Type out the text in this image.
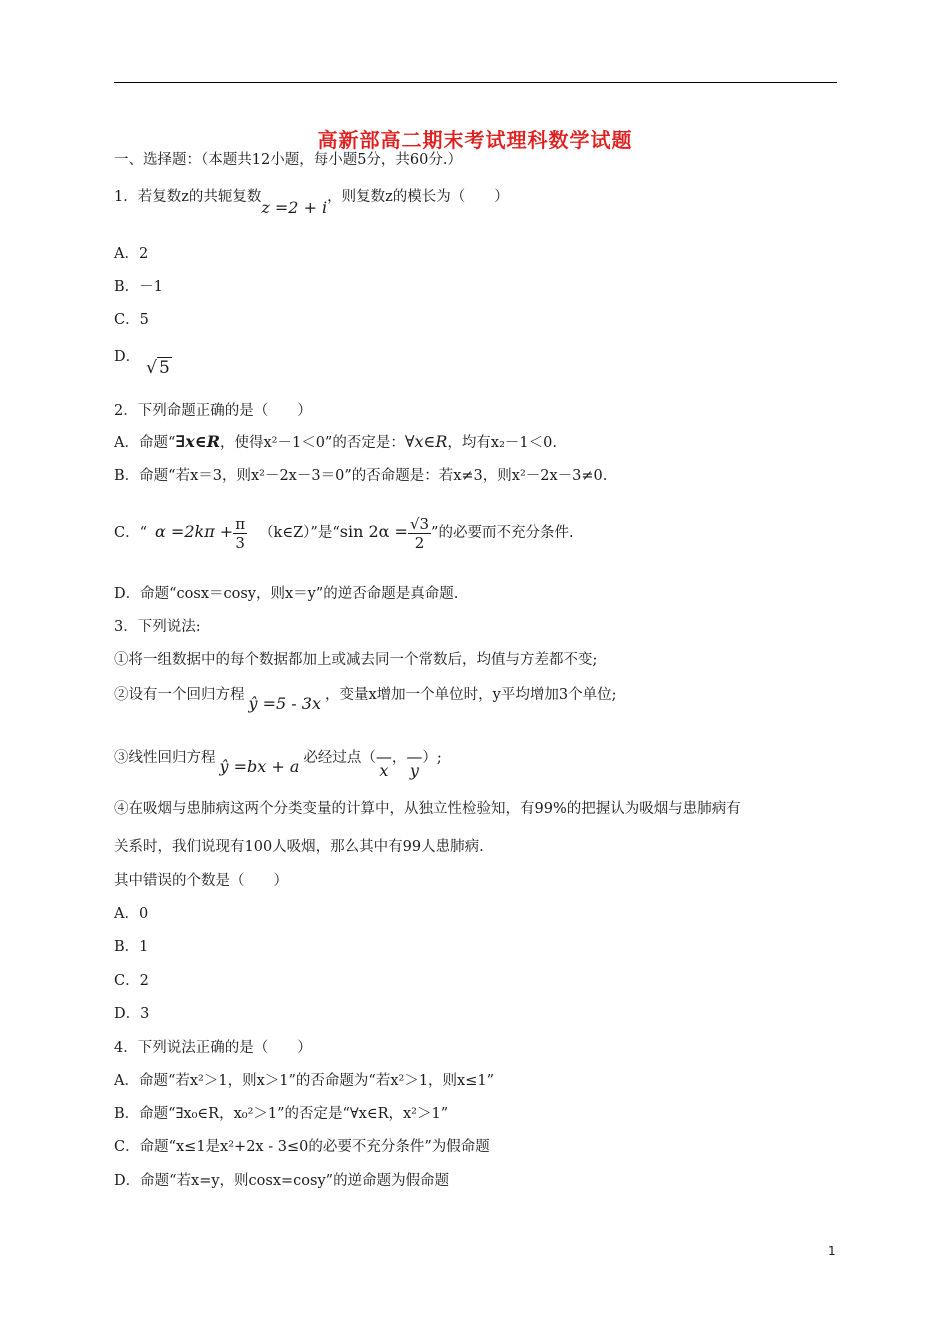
高新部高二期末考试理科数学试题
一、选择题：（本题共12小题，每小题5分，共60分.）
1．若复数z的共轭复数z =2 + i，则复数z的模长为（　　）
A．2
B．－1
C．5
D．√ 5
2．下列命题正确的是（　　）
A．命题“∃x∈R，使得x²－1＜0”的否定是：∀x∈R，均有x₂－1＜0.
B．命题“若x＝3，则x²－2x－3＝0”的否命题是：若x≠3，则x²－2x－3≠0.
C．“ $\alpha =2k\pi + \frac{\pi}{3}$ （k∈Z）”是“sin $2\alpha = \frac{√3}{2}$ ”的必要而不充分条件.
D．命题“cosx＝cosy，则x＝y”的逆否命题是真命题.
3．下列说法:
①将一组数据中的每个数据都加上或减去同一个常数后，均值与方差都不变;
②设有一个回归方程 ŷ =5 - 3x ，变量x增加一个单位时，y平均增加3个单位;
③线性回归方程 ŷ =bx + a 必经过点（ —
x， —
y）;
④在吸烟与患肺病这两个分类变量的计算中，从独立性检验知，有99%的把握认为吸烟与患肺病有
关系时，我们说现有100人吸烟，那么其中有99人患肺病.
其中错误的个数是（　　）
A．0
B．1
C．2
D．3
4．下列说法正确的是（　　）
A．命题“若x²＞1，则x＞1”的否命题为“若x²＞1，则x≤1”
B．命题“∃x₀∈R，x₀²＞1”的否定是“∀x∈R，x²＞1”
C．命题“x≤1是x²+2x - 3≤0的必要不充分条件”为假命题
D．命题“若x=y，则cosx=cosy”的逆命题为假命题
1
